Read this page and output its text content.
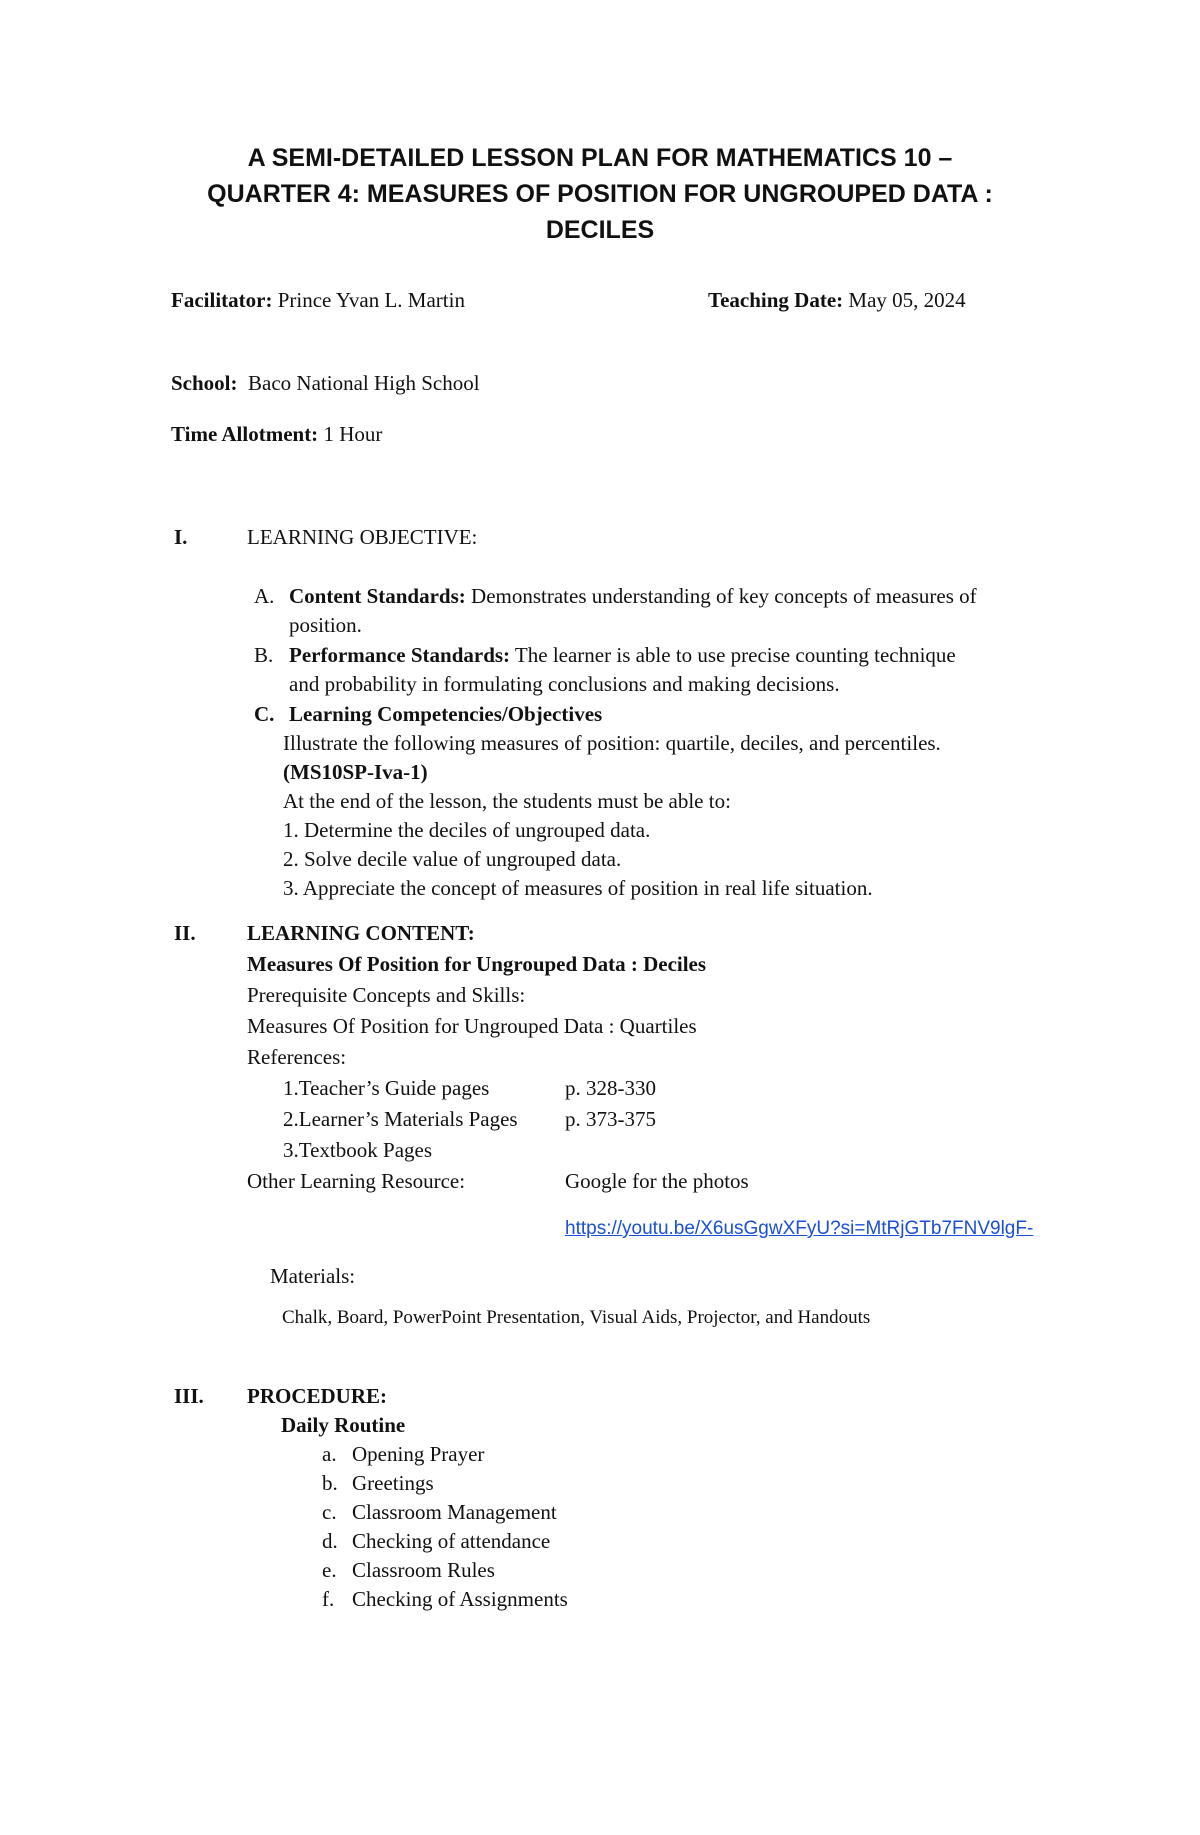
A SEMI-DETAILED LESSON PLAN FOR MATHEMATICS 10 –
QUARTER 4: MEASURES OF POSITION FOR UNGROUPED DATA :
DECILES
Facilitator: Prince Yvan L. Martin	Teaching Date: May 05, 2024
School: Baco National High School
Time Allotment: 1 Hour
I.	LEARNING OBJECTIVE:
A. Content Standards: Demonstrates understanding of key concepts of measures of
position.
B. Performance Standards: The learner is able to use precise counting technique
and probability in formulating conclusions and making decisions.
C. Learning Competencies/Objectives
Illustrate the following measures of position: quartile, deciles, and percentiles.
(MS10SP-Iva-1)
At the end of the lesson, the students must be able to:
1. Determine the deciles of ungrouped data.
2. Solve decile value of ungrouped data.
3. Appreciate the concept of measures of position in real life situation.
II. LEARNING CONTENT:
Measures Of Position for Ungrouped Data : Deciles
Prerequisite Concepts and Skills:
Measures Of Position for Ungrouped Data : Quartiles
References:
1.Teacher’s Guide pages	p. 328-330
2.Learner’s Materials Pages p. 373-375
3.Textbook Pages
Other Learning Resource:	Google for the photos
https://youtu.be/X6usGgwXFyU?si=MtRjGTb7FNV9lgF-
Materials:
Chalk, Board, PowerPoint Presentation, Visual Aids, Projector, and Handouts
III. PROCEDURE:
Daily Routine
a. Opening Prayer
b. Greetings
c. Classroom Management
d. Checking of attendance
e. Classroom Rules
f. Checking of Assignments
